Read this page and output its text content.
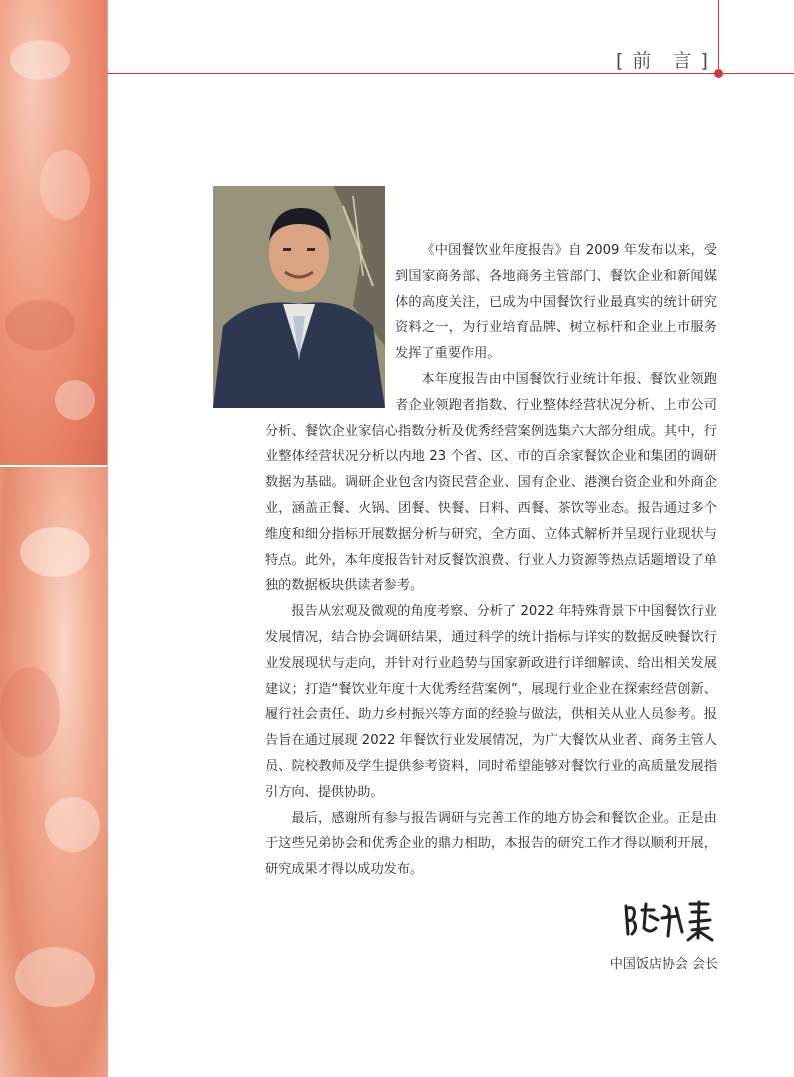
[ 前 言 ]

《中国餐饮业年度报告》自 2009 年发布以来，受到国家商务部、各地商务主管部门、餐饮企业和新闻媒体的高度关注，已成为中国餐饮行业最真实的统计研究资料之一，为行业培育品牌、树立标杆和企业上市服务发挥了重要作用。

本年度报告由中国餐饮行业统计年报、餐饮业领跑者企业领跑者指数、行业整体经营状况分析、上市公司分析、餐饮企业家信心指数分析及优秀经营案例选集六大部分组成。其中，行业整体经营状况分析以内地 23 个省、区、市的百余家餐饮企业和集团的调研数据为基础。调研企业包含内资民营企业、国有企业、港澳台资企业和外商企业，涵盖正餐、火锅、团餐、快餐、日料、西餐、茶饮等业态。报告通过多个维度和细分指标开展数据分析与研究，全方面、立体式解析并呈现行业现状与特点。此外，本年度报告针对反餐饮浪费、行业人力资源等热点话题增设了单独的数据板块供读者参考。

报告从宏观及微观的角度考察、分析了 2022 年特殊背景下中国餐饮行业发展情况，结合协会调研结果，通过科学的统计指标与详实的数据反映餐饮行业发展现状与走向，并针对行业趋势与国家新政进行详细解读、给出相关发展建议；打造“餐饮业年度十大优秀经营案例”，展现行业企业在探索经营创新、履行社会责任、助力乡村振兴等方面的经验与做法，供相关从业人员参考。报告旨在通过展现 2022 年餐饮行业发展情况，为广大餐饮从业者、商务主管人员、院校教师及学生提供参考资料，同时希望能够对餐饮行业的高质量发展指引方向、提供协助。

最后，感谢所有参与报告调研与完善工作的地方协会和餐饮企业。正是由于这些兄弟协会和优秀企业的鼎力相助，本报告的研究工作才得以顺利开展，研究成果才得以成功发布。

中国饭店协会 会长
